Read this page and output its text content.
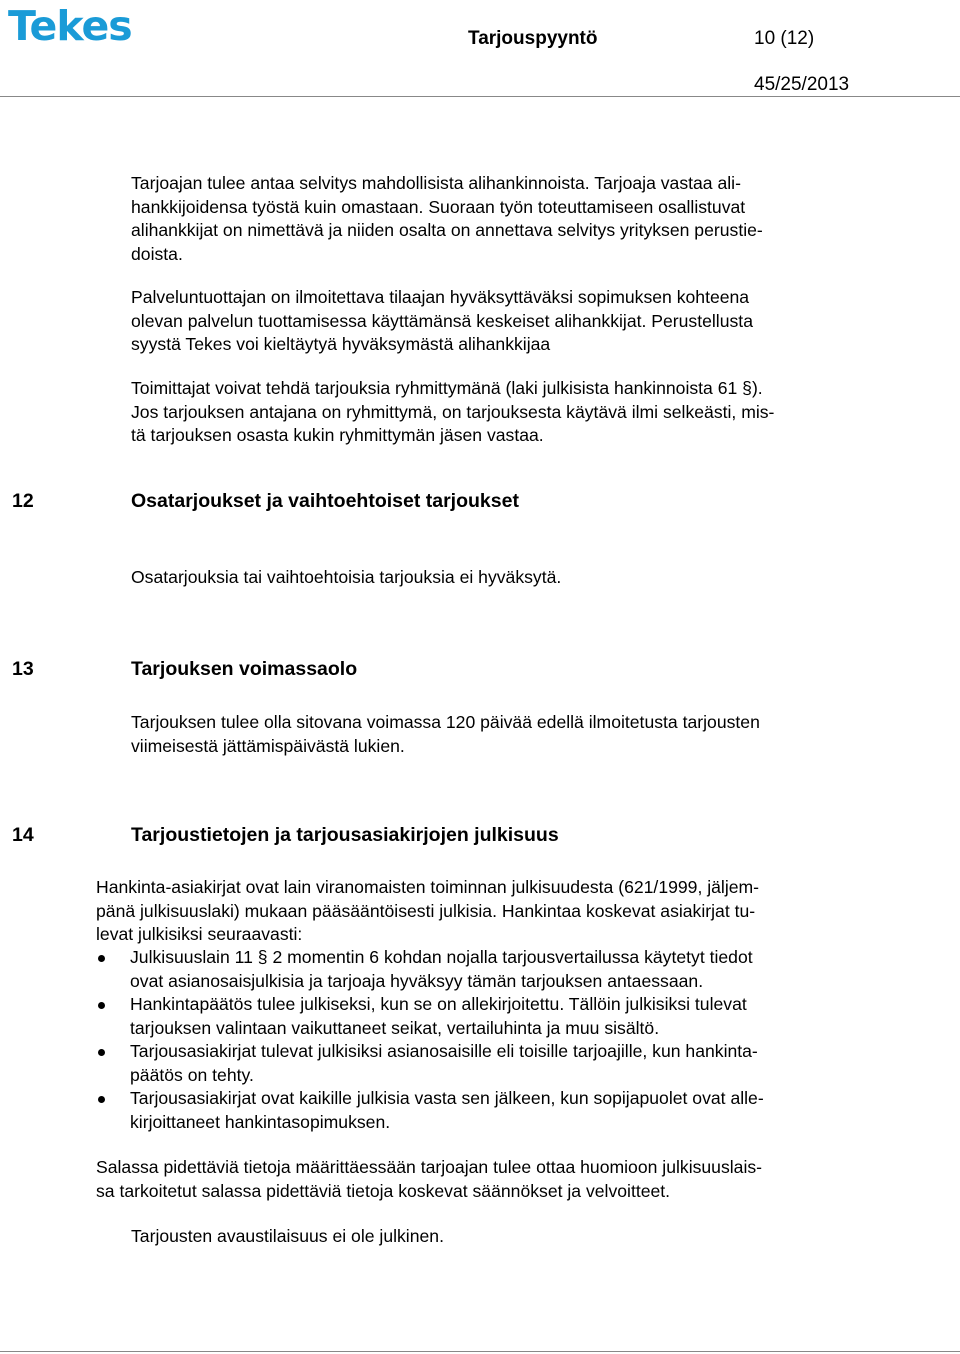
Tekes	Tarjouspyyntö	10 (12)
45/25/2013

Tarjoajan tulee antaa selvitys mahdollisista alihankinnoista. Tarjoaja vastaa ali-
hankkijoidensa työstä kuin omastaan. Suoraan työn toteuttamiseen osallistuvat
alihankkijat on nimettävä ja niiden osalta on annettava selvitys yrityksen perustie-
doista.

Palveluntuottajan on ilmoitettava tilaajan hyväksyttäväksi sopimuksen kohteena
olevan palvelun tuottamisessa käyttämänsä keskeiset alihankkijat. Perustellusta
syystä Tekes voi kieltäytyä hyväksymästä alihankkijaa

Toimittajat voivat tehdä tarjouksia ryhmittymänä (laki julkisista hankinnoista 61 §).
Jos tarjouksen antajana on ryhmittymä, on tarjouksesta käytävä ilmi selkeästi, mis-
tä tarjouksen osasta kukin ryhmittymän jäsen vastaa.

12	Osatarjoukset ja vaihtoehtoiset tarjoukset

Osatarjouksia tai vaihtoehtoisia tarjouksia ei hyväksytä.

13	Tarjouksen voimassaolo

Tarjouksen tulee olla sitovana voimassa 120 päivää edellä ilmoitetusta tarjousten
viimeisestä jättämispäivästä lukien.

14	Tarjoustietojen ja tarjousasiakirjojen julkisuus

Hankinta-asiakirjat ovat lain viranomaisten toiminnan julkisuudesta (621/1999, jäljem-
pänä julkisuuslaki) mukaan pääsääntöisesti julkisia. Hankintaa koskevat asiakirjat tu-
levat julkisiksi seuraavasti:

Julkisuuslain 11 § 2 momentin 6 kohdan nojalla tarjousvertailussa käytetyt tiedot
ovat asianosaisjulkisia ja tarjoaja hyväksyy tämän tarjouksen antaessaan.
Hankintapäätös tulee julkiseksi, kun se on allekirjoitettu. Tällöin julkisiksi tulevat
tarjouksen valintaan vaikuttaneet seikat, vertailuhinta ja muu sisältö.
Tarjousasiakirjat tulevat julkisiksi asianosaisille eli toisille tarjoajille, kun hankinta-
päätös on tehty.
Tarjousasiakirjat ovat kaikille julkisia vasta sen jälkeen, kun sopijapuolet ovat alle-
kirjoittaneet hankintasopimuksen.

Salassa pidettäviä tietoja määrittäessään tarjoajan tulee ottaa huomioon julkisuuslais-
sa tarkoitetut salassa pidettäviä tietoja koskevat säännökset ja velvoitteet.

Tarjousten avaustilaisuus ei ole julkinen.
